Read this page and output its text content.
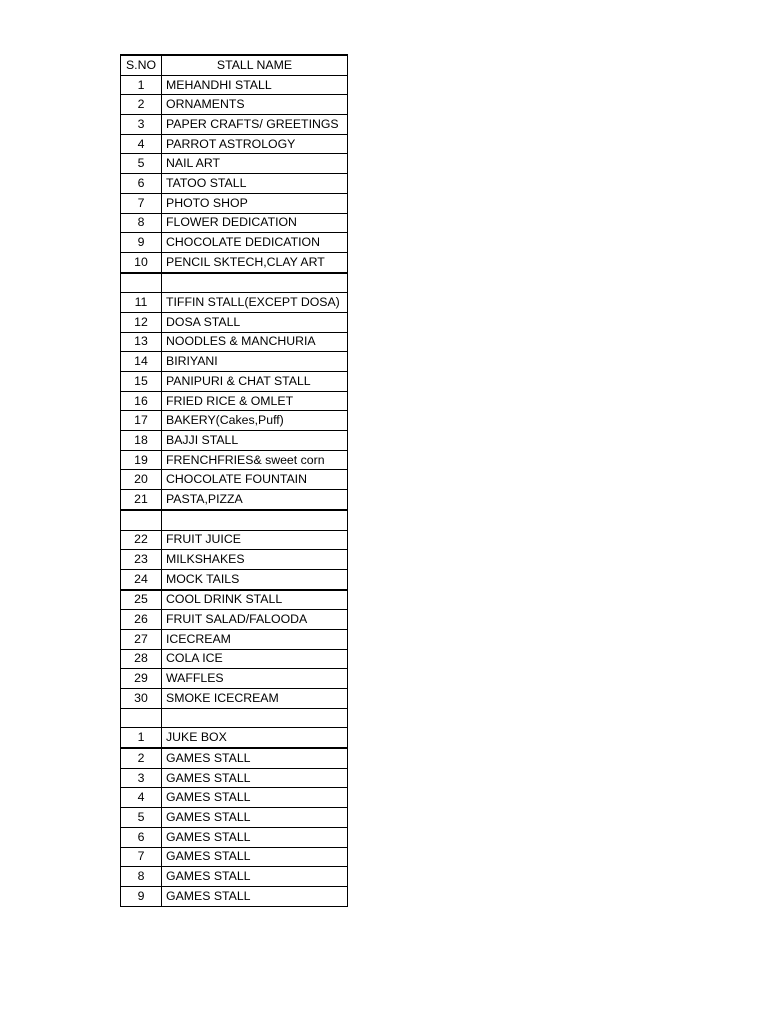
S.NO	STALL NAME
1	MEHANDHI STALL
2	ORNAMENTS
3	PAPER CRAFTS/ GREETINGS
4	PARROT ASTROLOGY
5	NAIL ART
6	TATOO STALL
7	PHOTO SHOP
8	FLOWER DEDICATION
9	CHOCOLATE DEDICATION
10	PENCIL SKTECH,CLAY ART

11	TIFFIN STALL(EXCEPT DOSA)
12	DOSA STALL
13	NOODLES & MANCHURIA
14	BIRIYANI
15	PANIPURI & CHAT STALL
16	FRIED RICE & OMLET
17	BAKERY(Cakes,Puff)
18	BAJJI STALL
19	FRENCHFRIES& sweet corn
20	CHOCOLATE FOUNTAIN
21	PASTA,PIZZA

22	FRUIT JUICE
23	MILKSHAKES
24	MOCK TAILS
25	COOL DRINK STALL
26	FRUIT SALAD/FALOODA
27	ICECREAM
28	COLA ICE
29	WAFFLES
30	SMOKE ICECREAM

1	JUKE BOX
2	GAMES STALL
3	GAMES STALL
4	GAMES STALL
5	GAMES STALL
6	GAMES STALL
7	GAMES STALL
8	GAMES STALL
9	GAMES STALL
